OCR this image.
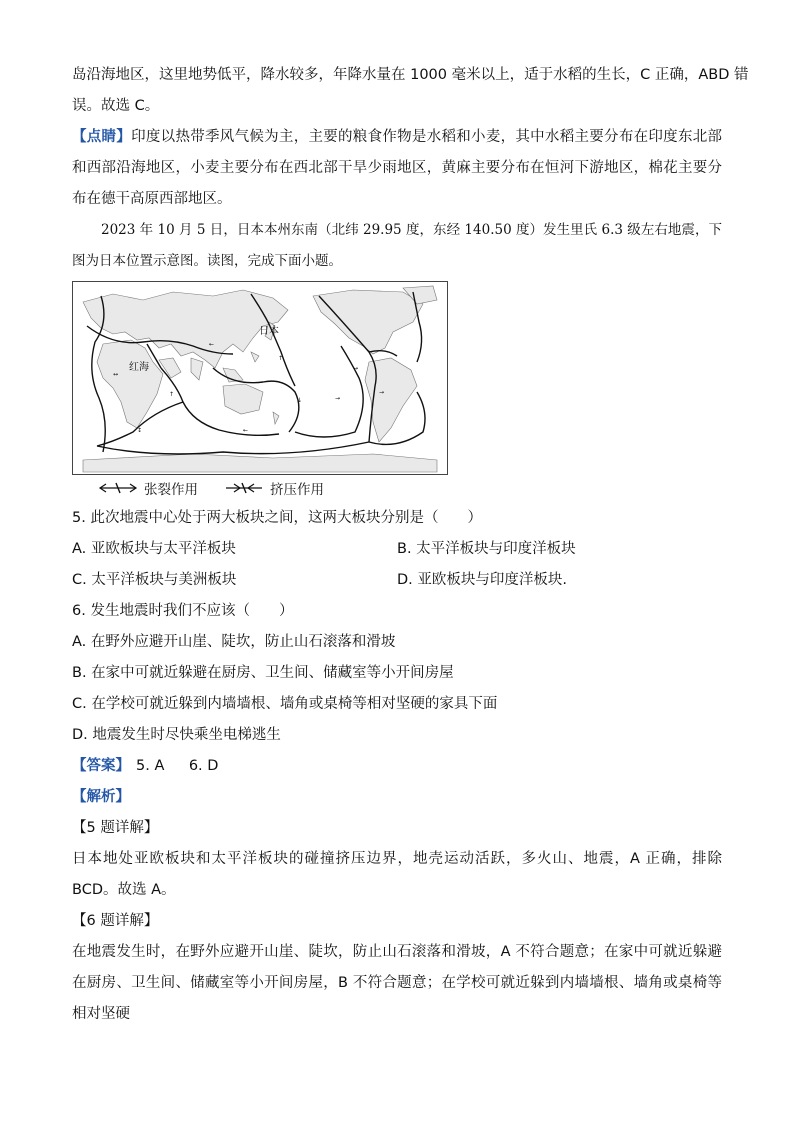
岛沿海地区，这里地势低平，降水较多，年降水量在 1000 毫米以上，适于水稻的生长，C 正确，ABD 错

误。故选 C。

【点睛】印度以热带季风气候为主，主要的粮食作物是水稻和小麦，其中水稻主要分布在印度东北部和西部沿海地区，小麦主要分布在西北部干旱少雨地区，黄麻主要分布在恒河下游地区，棉花主要分布在德干高原西部地区。

2023 年 10 月 5 日，日本本州东南（北纬 29.95 度，东经 140.50 度）发生里氏 6.3 级左右地震，下图为日本位置示意图。读图，完成下面小题。

←
↑
↓	→
↑
←
↔
→
↕
→
日本
红海
张裂作用	挤压作用

5. 此次地震中心处于两大板块之间，这两大板块分别是（　　）

A. 亚欧板块与太平洋板块	B. 太平洋板块与印度洋板块
C. 太平洋板块与美洲板块	D. 亚欧板块与印度洋板块.

6. 发生地震时我们不应该（　　）

A. 在野外应避开山崖、陡坎，防止山石滚落和滑坡

B. 在家中可就近躲避在厨房、卫生间、储藏室等小开间房屋

C. 在学校可就近躲到内墙墙根、墙角或桌椅等相对坚硬的家具下面

D. 地震发生时尽快乘坐电梯逃生

【答案】 5. A 6. D

【解析】

【5 题详解】

日本地处亚欧板块和太平洋板块的碰撞挤压边界，地壳运动活跃，多火山、地震，A 正确，排除 BCD。故选 A。

【6 题详解】

在地震发生时，在野外应避开山崖、陡坎，防止山石滚落和滑坡，A 不符合题意；在家中可就近躲避在厨房、卫生间、储藏室等小开间房屋，B 不符合题意；在学校可就近躲到内墙墙根、墙角或桌椅等相对坚硬
